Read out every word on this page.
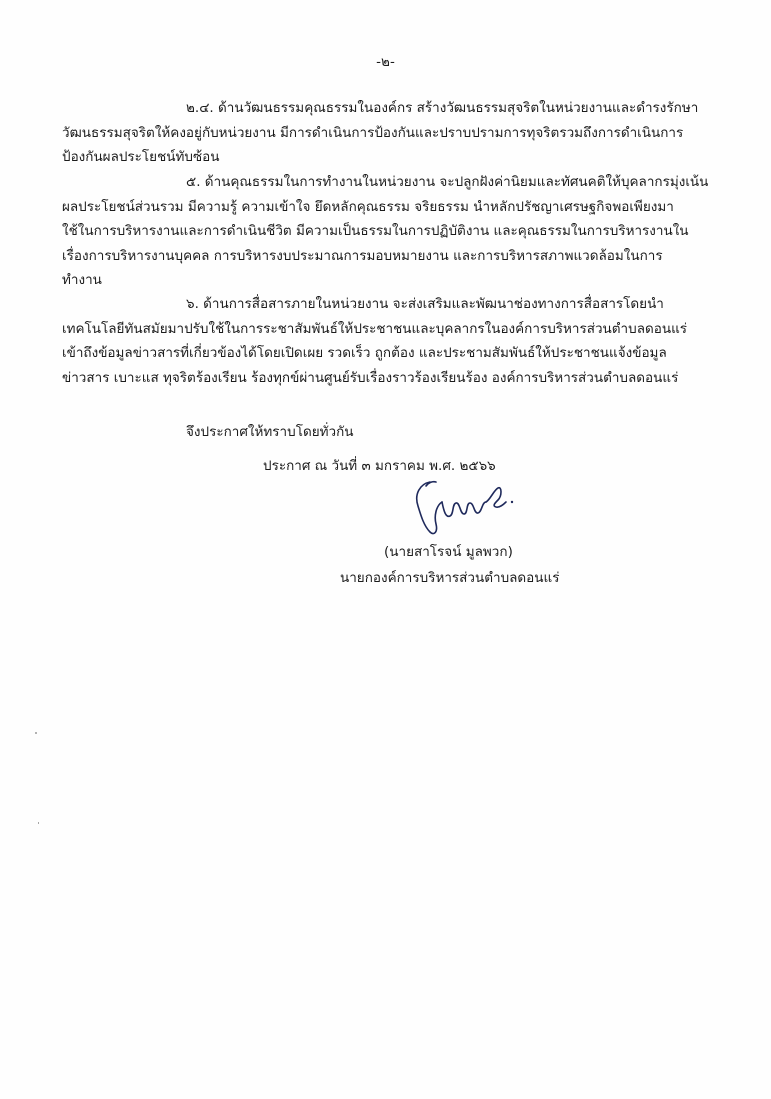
-๒-
๒.๔. ด้านวัฒนธรรมคุณธรรมในองค์กร สร้างวัฒนธรรมสุจริตในหน่วยงานและดำรงรักษา
วัฒนธรรมสุจริตให้คงอยู่กับหน่วยงาน มีการดำเนินการป้องกันและปราบปรามการทุจริตรวมถึงการดำเนินการ
ป้องกันผลประโยชน์ทับซ้อน
๕. ด้านคุณธรรมในการทำงานในหน่วยงาน จะปลูกฝังค่านิยมและทัศนคติให้บุคลากรมุ่งเน้น
ผลประโยชน์ส่วนรวม มีความรู้ ความเข้าใจ ยึดหลักคุณธรรม จริยธรรม นำหลักปรัชญาเศรษฐกิจพอเพียงมา
ใช้ในการบริหารงานและการดำเนินชีวิต มีความเป็นธรรมในการปฏิบัติงาน และคุณธรรมในการบริหารงานใน
เรื่องการบริหารงานบุคคล การบริหารงบประมาณการมอบหมายงาน และการบริหารสภาพแวดล้อมในการ
ทำงาน
๖. ด้านการสื่อสารภายในหน่วยงาน จะส่งเสริมและพัฒนาช่องทางการสื่อสารโดยนำ
เทคโนโลยีทันสมัยมาปรับใช้ในการระชาสัมพันธ์ให้ประชาชนและบุคลากรในองค์การบริหารส่วนตำบลดอนแร่
เข้าถึงข้อมูลข่าวสารที่เกี่ยวข้องได้โดยเปิดเผย รวดเร็ว ถูกต้อง และประชามสัมพันธ์ให้ประชาชนแจ้งข้อมูล
ข่าวสาร เบาะแส ทุจริตร้องเรียน ร้องทุกข์ผ่านศูนย์รับเรื่องราวร้องเรียนร้อง องค์การบริหารส่วนตำบลดอนแร่
จึงประกาศให้ทราบโดยทั่วกัน
ประกาศ ณ วันที่ ๓ มกราคม พ.ศ. ๒๕๖๖
(นายสาโรจน์ มูลพวก)
นายกองค์การบริหารส่วนตำบลดอนแร่
